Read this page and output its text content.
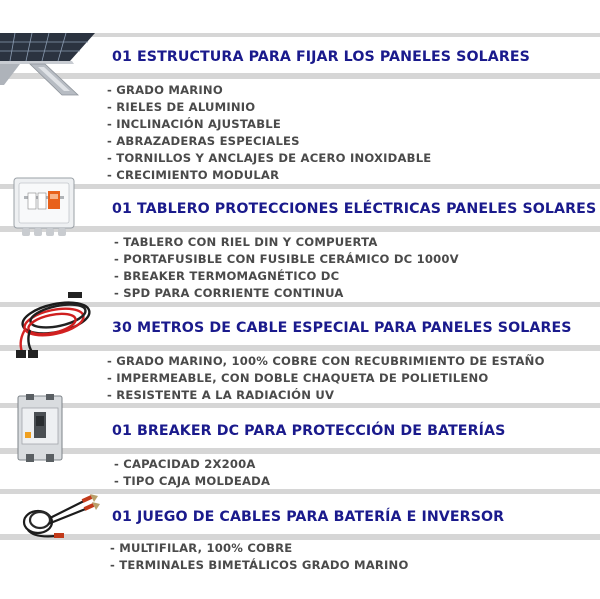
01 ESTRUCTURA PARA FIJAR LOS PANELES SOLARES
- GRADO MARINO
- RIELES DE ALUMINIO
- INCLINACIÓN AJUSTABLE
- ABRAZADERAS ESPECIALES
- TORNILLOS Y ANCLAJES DE ACERO INOXIDABLE
- CRECIMIENTO MODULAR
01 TABLERO PROTECCIONES ELÉCTRICAS PANELES SOLARES
- TABLERO CON RIEL DIN Y COMPUERTA
- PORTAFUSIBLE CON FUSIBLE CERÁMICO DC 1000V
- BREAKER TERMOMAGNÉTICO DC
- SPD PARA CORRIENTE CONTINUA
30 METROS DE CABLE ESPECIAL PARA PANELES SOLARES
- GRADO MARINO, 100% COBRE CON RECUBRIMIENTO DE ESTAÑO
- IMPERMEABLE, CON DOBLE CHAQUETA DE POLIETILENO
- RESISTENTE A LA RADIACIÓN UV
01 BREAKER DC PARA PROTECCIÓN DE BATERÍAS
- CAPACIDAD 2X200A
- TIPO CAJA MOLDEADA
01 JUEGO DE CABLES PARA BATERÍA E INVERSOR
- MULTIFILAR, 100% COBRE
- TERMINALES BIMETÁLICOS GRADO MARINO
